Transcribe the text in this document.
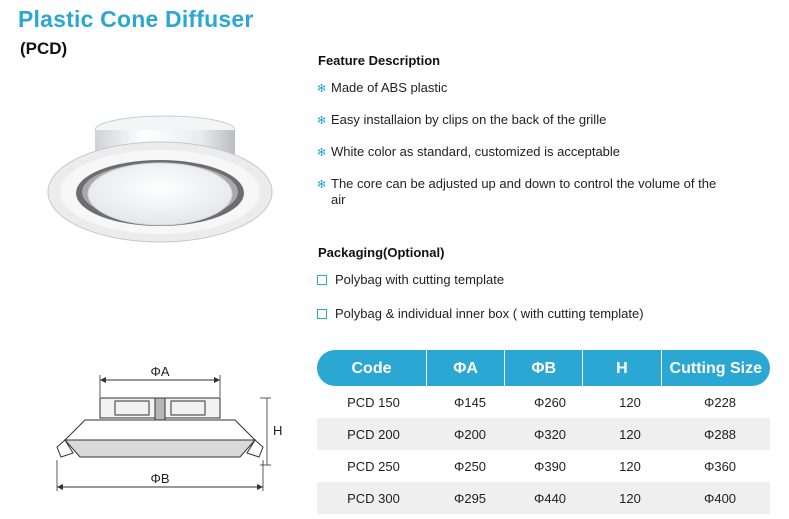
Plastic Cone Diffuser
(PCD)
ΦA
H
ΦB
Feature Description
✻ Made of ABS plastic
✻ Easy installaion by clips on the back of the grille
✻ White color as standard, customized is acceptable
✻ The core can be adjusted up and down to control the volume of the air
Packaging(Optional)
Polybag with cutting template
Polybag & individual inner box ( with cutting template)
Code	ΦA	ΦB	H	Cutting Size
PCD 150	Φ145	Φ260	120	Φ228
PCD 200	Φ200	Φ320	120	Φ288
PCD 250	Φ250	Φ390	120	Φ360
PCD 300	Φ295	Φ440	120	Φ400
